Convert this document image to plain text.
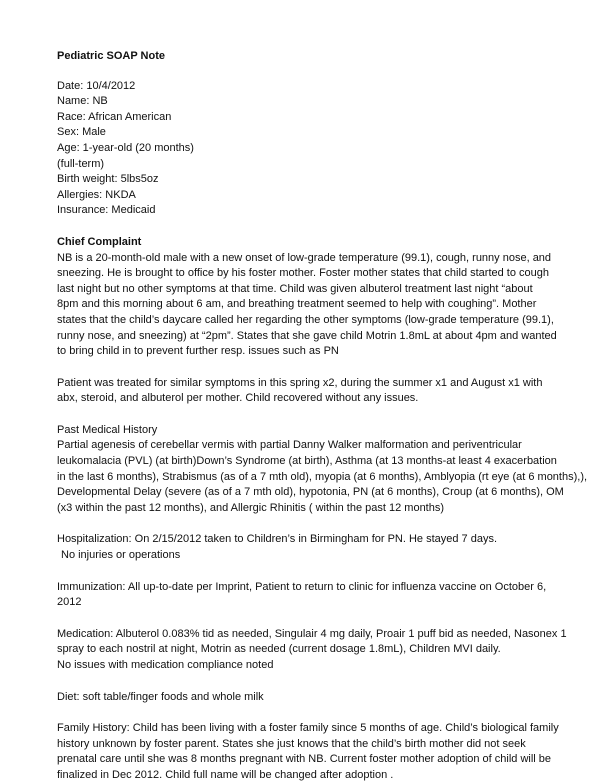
Pediatric SOAP Note
Date: 10/4/2012
Name: NB
Race: African American
Sex: Male
Age: 1-year-old (20 months)
(full-term)
Birth weight: 5lbs5oz
Allergies: NKDA
Insurance: Medicaid
Chief Complaint
NB is a 20-month-old male with a new onset of low-grade temperature (99.1), cough, runny nose, and
sneezing. He is brought to office by his foster mother. Foster mother states that child started to cough
last night but no other symptoms at that time. Child was given albuterol treatment last night “about
8pm and this morning about 6 am, and breathing treatment seemed to help with coughing”. Mother
states that the child’s daycare called her regarding the other symptoms (low-grade temperature (99.1),
runny nose, and sneezing) at “2pm”. States that she gave child Motrin 1.8mL at about 4pm and wanted
to bring child in to prevent further resp. issues such as PN
Patient was treated for similar symptoms in this spring x2, during the summer x1 and August x1 with
abx, steroid, and albuterol per mother. Child recovered without any issues.
Past Medical History
Partial agenesis of cerebellar vermis with partial Danny Walker malformation and periventricular
leukomalacia (PVL) (at birth)Down’s Syndrome (at birth), Asthma (at 13 months-at least 4 exacerbation
in the last 6 months), Strabismus (as of a 7 mth old), myopia (at 6 months), Amblyopia (rt eye (at 6 months),),
Developmental Delay (severe (as of a 7 mth old), hypotonia, PN (at 6 months), Croup (at 6 months), OM
(x3 within the past 12 months), and Allergic Rhinitis ( within the past 12 months)
Hospitalization: On 2/15/2012 taken to Children’s in Birmingham for PN. He stayed 7 days.
No injuries or operations
Immunization: All up-to-date per Imprint, Patient to return to clinic for influenza vaccine on October 6,
2012
Medication: Albuterol 0.083% tid as needed, Singulair 4 mg daily, Proair 1 puff bid as needed, Nasonex 1
spray to each nostril at night, Motrin as needed (current dosage 1.8mL), Children MVI daily.
No issues with medication compliance noted
Diet: soft table/finger foods and whole milk
Family History: Child has been living with a foster family since 5 months of age. Child’s biological family
history unknown by foster parent. States she just knows that the child’s birth mother did not seek
prenatal care until she was 8 months pregnant with NB. Current foster mother adoption of child will be
finalized in Dec 2012. Child full name will be changed after adoption .
